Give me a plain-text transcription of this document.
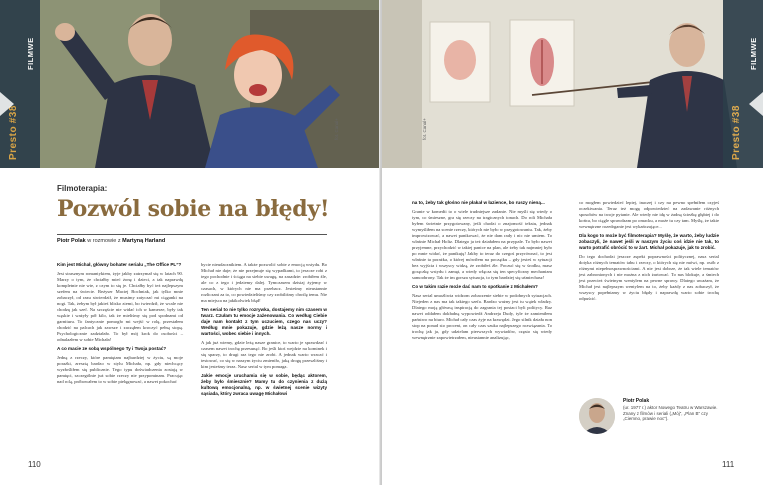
Presto #38
FILMWE
fot. Canal+
Filmoterapia:
Pozwól sobie na błędy!
Piotr Polak w rozmowie z Martyną Harland

Kim jest Michał, główny bohater serialu „The Office PL”?

Jest strasznym romantykiem, żyje jakby zatrzymał się w latach 90. Marzy o tym, że chciałby mieć żonę i dzieci, a tak naprawdę kompletnie nie wie, z czym to się je. Chciałby być też najlepszym szefem na świecie. Reżyser Maciej Bochniak, jak tylko mnie zobaczył, od razu stwierdził, że musimy zatyczać mi ciąganki na nogi. Tak, żebym był jakieś blisko ziemi, bo twierdził, że wcale nie chodzę jak szef. Na szczęście nie widać ich w kamerze, były tak wąskie i ważyły pół kilo, tak że mieliśmy się pod spodnami od garnituru. To fantycznie pomogło mi wejść w rolę, przestałem chodzić na palcach jak zawsze i zacząłem kroczyć pełną stopą. Psychologicznie zadziałało. To był mój krok do osobości – odnalazłem w sobie Michała!

A co macie ze sobą wspólnego Ty i Twoja postać?

Jedną z rzeczy, które pamiętam najbardziej w życiu, są moje porażki, zresztą bardzo w stylu Michała, np. gdy niechcący wyzłośliłem się publicznie. Tego typu doświadczenia zostają w pamięci, szczególnie już sobie rzeczy nie przypominam. Pracując nad rolą, próbowałem to w sobie pielęgnować, a nawet pokochać

bycie nieudacznikiem. A także pozwolić sobie z emocją wstydu. Bo Michał nie daje; że nie przejmuje się wypadkami, to jeszcze robi z tego pochodnie i ściąga na siebie uwagę, na zasadzie: zrobiłem źle, ale co z tego i jedziemy dalej. Tymczasem dzisiaj żyjemy w czasach, w których nie ma przebacz. Jesteśmy nieustannie rozliczani za to, co powiedzieliśmy czy zrobiliśmy chwilę temu. Nie ma miejsca na jakikolwiek błąd!

Ten serial to nie tylko rozrywka, dostajemy nim czasem w twarz. Czułam tu emocje zażenowania. Co według Ciebie daje nam kontakt z tym uczuciem, czego nas uczy? Według mnie pokazuje, gdzie leżą nasze normy i wartości, wobec siebie i innych.

A jak już wiemy, gdzie leżą nasze granice, to warto je sprawdzać i czasem nawet trochę przesunąć. Bo jeśli ktoś wejdzie na kominek i się sparzy, to drugi raz tego nie zrobi. A jednak warto wracać i testować, co się w naszym życiu zmieniło, jaką drogę przeszliśmy i kim jesteśmy teraz. Nasz serial w tym pomaga.

Jakie emocje uruchamia się w sobie, będąc aktorem, żeby było śmiesznie? Mamy tu do czynienia z dużą kultową emocjonalną, np. w świetnej scenie wizyty sąsiada, który zwraca uwagę Michałowi

110
Presto #38
FILMWE
fot. Canal+

na to, żeby tak głośno nie płakał w łazience, bo ruszy nieną...

Granie w komedii to o wiele trudniejsze zadanie. Nie myśli się wtedy o tym, co śmieszne, gra się rzeczy na tragicznych tonach. Do roli Michała byłem świetnie przygotowany, jeśli chodzi o znajomość tekstu, jednak wymyśliłem na scenie rzeczy, których nie było w przygotowaniu. Tak, żeby improwizować, a nawet panikować, że nie dam rady i nic nie umiem. To właśnie Michał Holtz. Dlatego ja też działałem na przypale. To było nawet przyjemne, przychodzić w takiej panice na plan, ale żeby tak najmniej było po mnie widać, że panikuję! Jakby to teraz do czegoś przyrównać, to jest właśnie ta porażka, o której mówiłem na początku – gdy jesteś w sytuacji bez wyjścia i wszyscy widzą, że zrobiłeś źle. Poczuć się w środku, masz gorączkę wstydu i zamęt, a wtedy włącza się ten specyficzny mechanizm samoobrony. Tak że im gorsza sytuacja, to tym bardziej się uśmiechasz!

Co w takim razie może dać nam to spotkanie z Michałem?

Nasz serial umożliwia widzom zobaczenie siebie w podobnych sytuacjach. Niejeden z nas ma tak takiego szefa. Bardzo ważny jest tu wątek władzy. Dlatego moją główną inspiracją do zagrania tej postaci byli politycy. Raz nawet oddałem dokładną wypowiedź Andrzeja Dudy, tyle że zamieniłem państwo na biuro. Michał cały czas żyje na krawędzi. Jego silnik działa non stop na ponad sto procent, on cały czas szuka najlepszego rozwiązania. To trochę jak ja, gdy udzielam pierwszych wywiadów, często się wtedy wewnętrznie zapowietrzałem, nieustannie analizując,

co mogłem powiedzieć lepiej, inaczej i czy na pewno spełniłem czyjeś oczekiwania. Teraz też mogę odpowiedzieć na zadawanie różnych sposobów na twoje pytanie. Ale wtedy nie idę w żadną ścieżkę głębiej i do końca, bo ciągle sprawdzam po omacku, a może tu czy tam. Myślę, że takie wewnętrzne rozedrganie jest wykańczające...

Dla kogo to może być filmoterapia? Myślę, że warto, żeby ludzie zobaczyli, że nawet jeśli w naszym życiu coś idzie nie tak, to warto potrafić obrócić to w żart. Michał pokazuje, jak to zrobić.

Do tego dochodzi jeszcze aspekt poprawności politycznej, nasz serial dotyka różnych tematów tabu i rzeczy, o których się nie mówi, np. osób z różnymi niepełnosprawnościami. A nie jest dobrze, że tak wiele tematów jest zabronionych i nie można z nich żartować. To nas blokuje, a śmiech jest przecież świetnym wentylem na pewne sprawy. Dlatego uważam, że Michał jest najlepszym wentylem na to, żeby każdy z nas zobaczył, że wszyscy popełniamy w życiu błędy i naprawdę warto sobie trochę odpuścić.

Piotr Polak
(ur. 1977 r.) aktor Nowego Teatru w Warszawie. Znany z filmów i seriali („Mój”, „Plan B” czy „Ciemno, prawie noc”).
111
